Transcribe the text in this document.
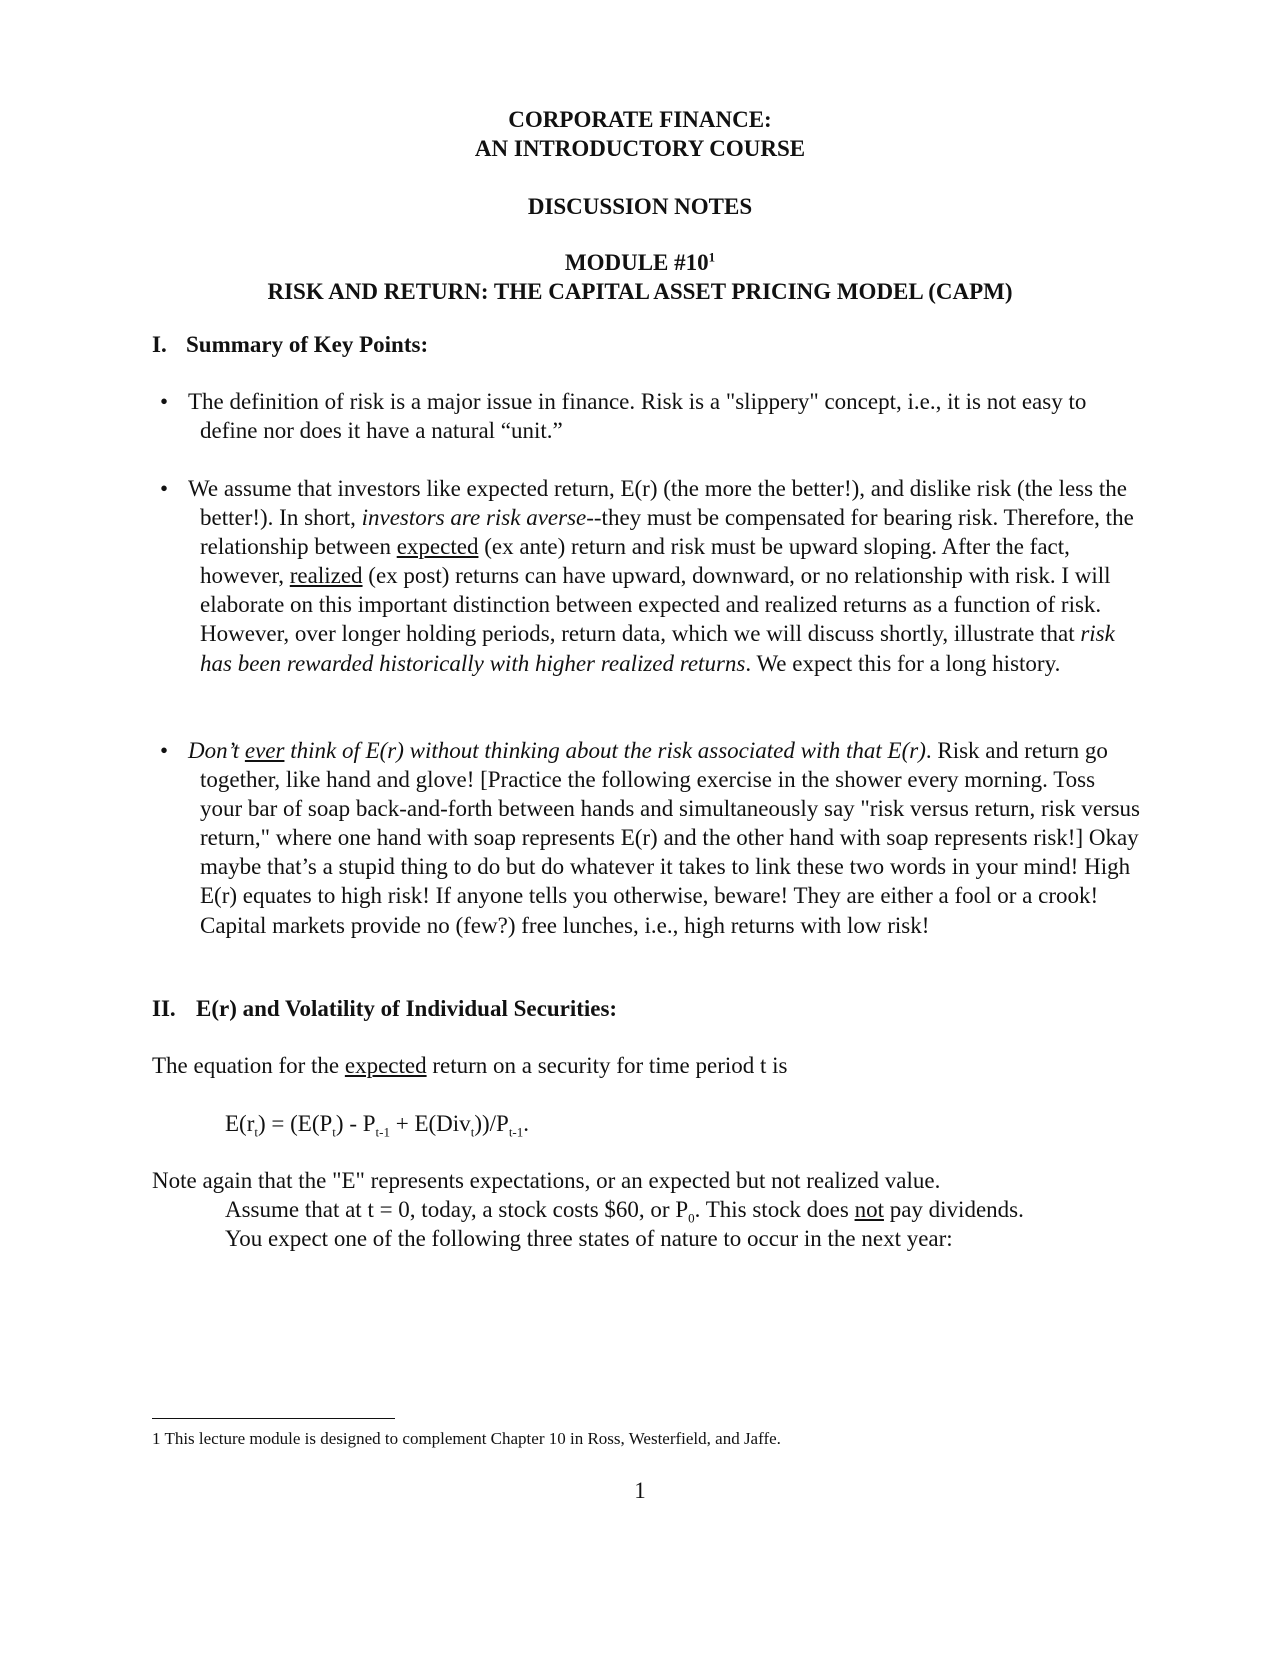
CORPORATE FINANCE:
AN INTRODUCTORY COURSE
DISCUSSION NOTES
MODULE $\#10^1$
RISK AND RETURN: THE CAPITAL ASSET PRICING MODEL (CAPM)
I. Summary of Key Points:
• The definition of risk is a major issue in finance. Risk is a "slippery" concept, i.e., it is not easy to define nor does it have a natural “unit.”
• We assume that investors like expected return, E(r) (the more the better!), and dislike risk (the less the better!). In short, investors are risk averse--they must be compensated for bearing risk. Therefore, the relationship between expected (ex ante) return and risk must be upward sloping. After the fact, however, realized (ex post) returns can have upward, downward, or no relationship with risk. I will elaborate on this important distinction between expected and realized returns as a function of risk. However, over longer holding periods, return data, which we will discuss shortly, illustrate that risk has been rewarded historically with higher realized returns. We expect this for a long history.
• Don’t ever think of E(r) without thinking about the risk associated with that E(r). Risk and return go together, like hand and glove! [Practice the following exercise in the shower every morning. Toss your bar of soap back-and-forth between hands and simultaneously say "risk versus return, risk versus return," where one hand with soap represents E(r) and the other hand with soap represents risk!] Okay maybe that’s a stupid thing to do but do whatever it takes to link these two words in your mind! High E(r) equates to high risk! If anyone tells you otherwise, beware! They are either a fool or a crook! Capital markets provide no (few?) free lunches, i.e., high returns with low risk!
II. E(r) and Volatility of Individual Securities:
The equation for the expected return on a security for time period t is
$E(r_t) = (E(P_t) - P_{t-1} + E(Div_t))/P_{t-1}$.
Note again that the "E" represents expectations, or an expected but not realized value.
Assume that at t = 0, today, a stock costs $60, or $P_0$. This stock does not pay dividends.
You expect one of the following three states of nature to occur in the next year:
1 This lecture module is designed to complement Chapter 10 in Ross, Westerfield, and Jaffe.
1
